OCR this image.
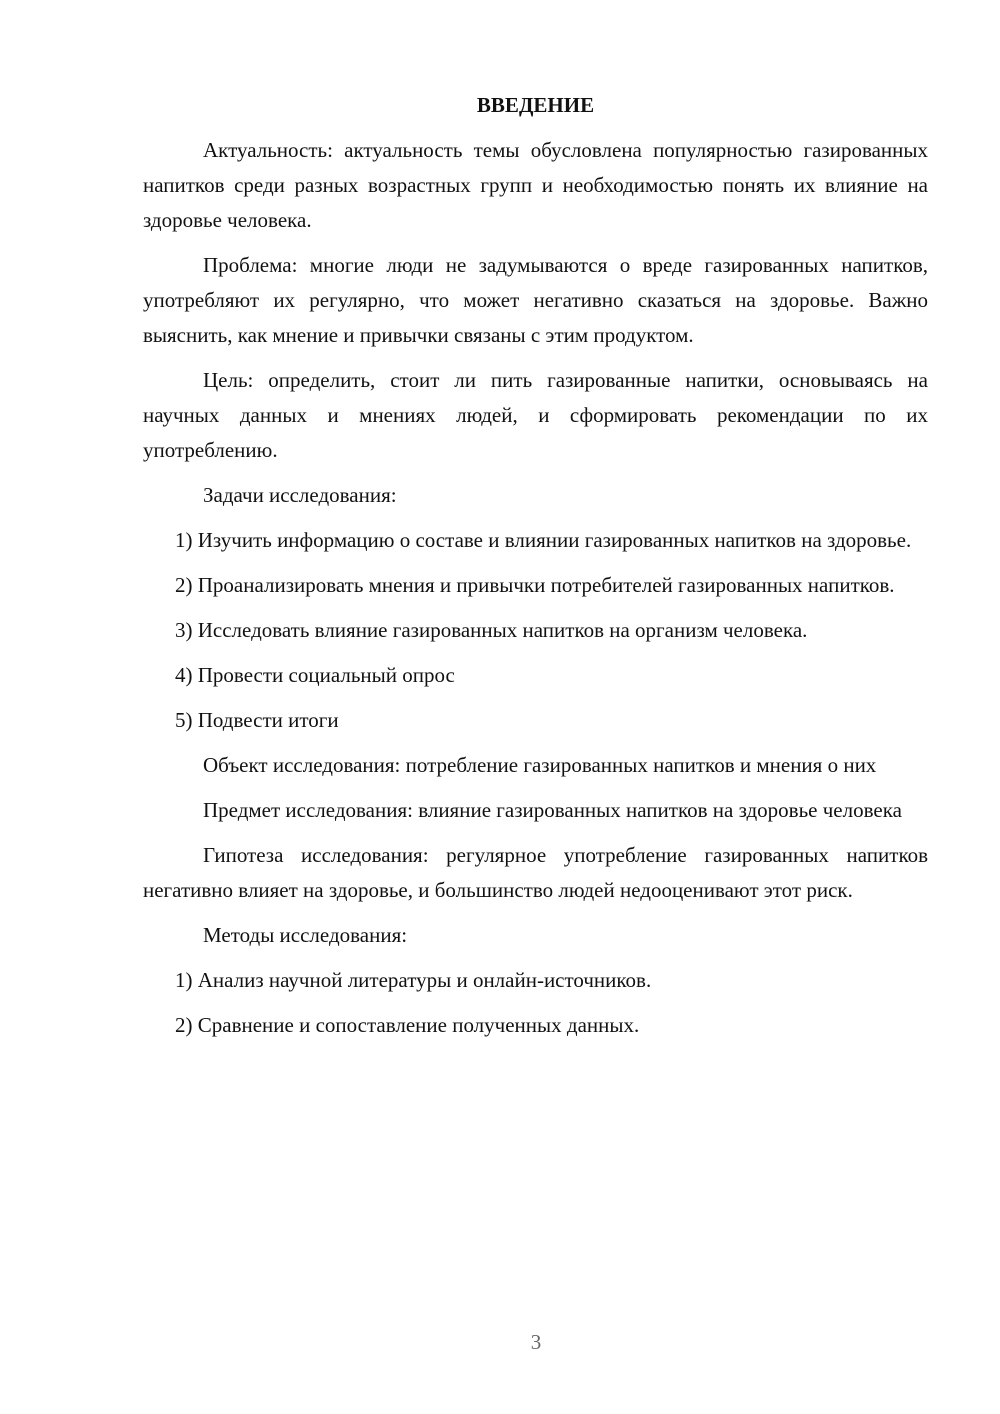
ВВЕДЕНИЕ

Актуальность: актуальность темы обусловлена популярностью газированных напитков среди разных возрастных групп и необходимостью понять их влияние на здоровье человека.

Проблема: многие люди не задумываются о вреде газированных напитков, употребляют их регулярно, что может негативно сказаться на здоровье. Важно выяснить, как мнение и привычки связаны с этим продуктом.

Цель: определить, стоит ли пить газированные напитки, основываясь на научных данных и мнениях людей, и сформировать рекомендации по их употреблению.

Задачи исследования:

1) Изучить информацию о составе и влиянии газированных напитков на здоровье.

2) Проанализировать мнения и привычки потребителей газированных напитков.

3) Исследовать влияние газированных напитков на организм человека.

4) Провести социальный опрос

5) Подвести итоги

Объект исследования: потребление газированных напитков и мнения о них

Предмет исследования: влияние газированных напитков на здоровье человека

Гипотеза исследования: регулярное употребление газированных напитков негативно влияет на здоровье, и большинство людей недооценивают этот риск.

Методы исследования:

1) Анализ научной литературы и онлайн-источников.

2) Сравнение и сопоставление полученных данных.

3
